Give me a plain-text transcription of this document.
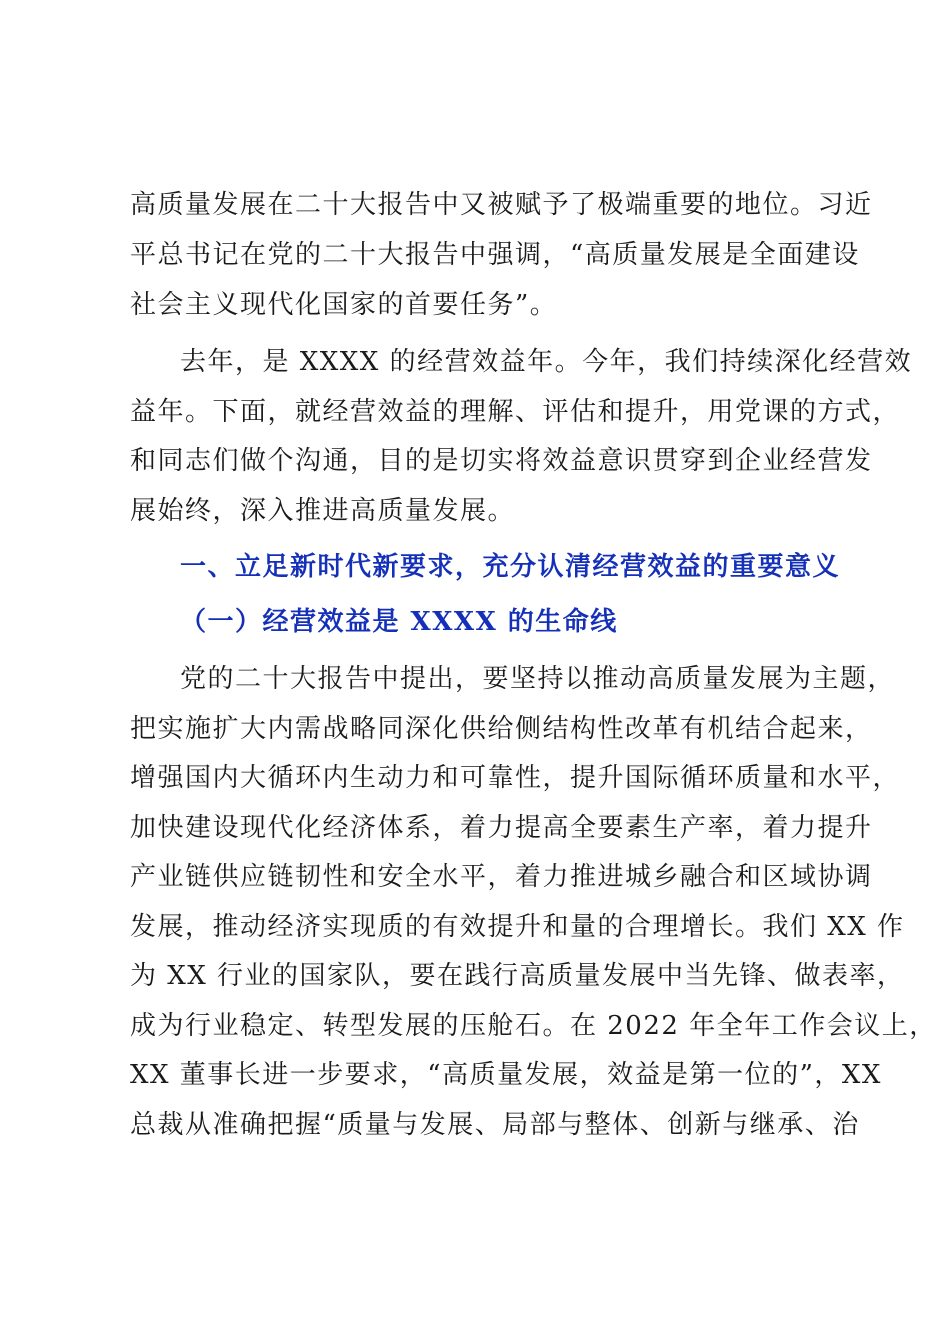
高质量发展在二十大报告中又被赋予了极端重要的地位。习近
平总书记在党的二十大报告中强调，“高质量发展是全面建设
社会主义现代化国家的首要任务”。
去年，是 XXXX 的经营效益年。今年，我们持续深化经营效
益年。下面，就经营效益的理解、评估和提升，用党课的方式，
和同志们做个沟通，目的是切实将效益意识贯穿到企业经营发
展始终，深入推进高质量发展。
一、立足新时代新要求，充分认清经营效益的重要意义
（一）经营效益是 XXXX 的生命线
党的二十大报告中提出，要坚持以推动高质量发展为主题，
把实施扩大内需战略同深化供给侧结构性改革有机结合起来，
增强国内大循环内生动力和可靠性，提升国际循环质量和水平，
加快建设现代化经济体系，着力提高全要素生产率，着力提升
产业链供应链韧性和安全水平，着力推进城乡融合和区域协调
发展，推动经济实现质的有效提升和量的合理增长。我们 XX 作
为 XX 行业的国家队，要在践行高质量发展中当先锋、做表率，
成为行业稳定、转型发展的压舱石。在 2022 年全年工作会议上，
XX 董事长进一步要求，“高质量发展，效益是第一位的”，XX
总裁从准确把握“质量与发展、局部与整体、创新与继承、治
